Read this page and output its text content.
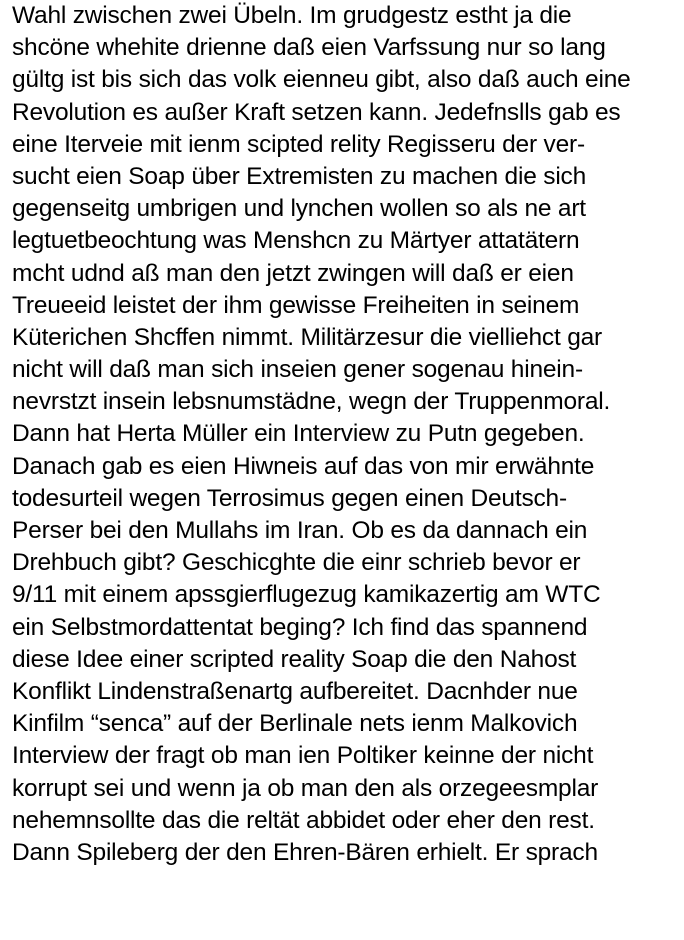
Wahl zwischen zwei Übeln. Im grudgestz estht ja die
shcöne whehite drienne daß eien Varfssung nur so lang
gültg ist bis sich das volk eienneu gibt, also daß auch eine
Revolution es außer Kraft setzen kann. Jedefnslls gab es
eine Iterveie mit ienm scipted relity Regisseru der ver-
sucht eien Soap über Extremisten zu machen die sich
gegenseitg umbrigen und lynchen wollen so als ne art
legtuetbeochtung was Menshcn zu Märtyer attatätern
mcht udnd aß man den jetzt zwingen will daß er eien
Treueeid leistet der ihm gewisse Freiheiten in seinem
Küterichen Shcffen nimmt. Militärzesur die vielliehct gar
nicht will daß man sich inseien gener sogenau hinein-
nevrstzt insein lebsnumstädne, wegn der Truppenmoral.
Dann hat Herta Müller ein Interview zu Putn gegeben.
Danach gab es eien Hiwneis auf das von mir erwähnte
todesurteil wegen Terrosimus gegen einen Deutsch-
Perser bei den Mullahs im Iran. Ob es da dannach ein
Drehbuch gibt? Geschicghte die einr schrieb bevor er
9/11 mit einem apssgierflugezug kamikazertig am WTC
ein Selbstmordattentat beging? Ich find das spannend
diese Idee einer scripted reality Soap die den Nahost
Konflikt Lindenstraßenartg aufbereitet. Dacnhder nue
Kinfilm “senca” auf der Berlinale nets ienm Malkovich
Interview der fragt ob man ien Poltiker keinne der nicht
korrupt sei und wenn ja ob man den als orzegeesmplar
nehemnsollte das die reltät abbidet oder eher den rest.
Dann Spileberg der den Ehren-Bären erhielt. Er sprach
